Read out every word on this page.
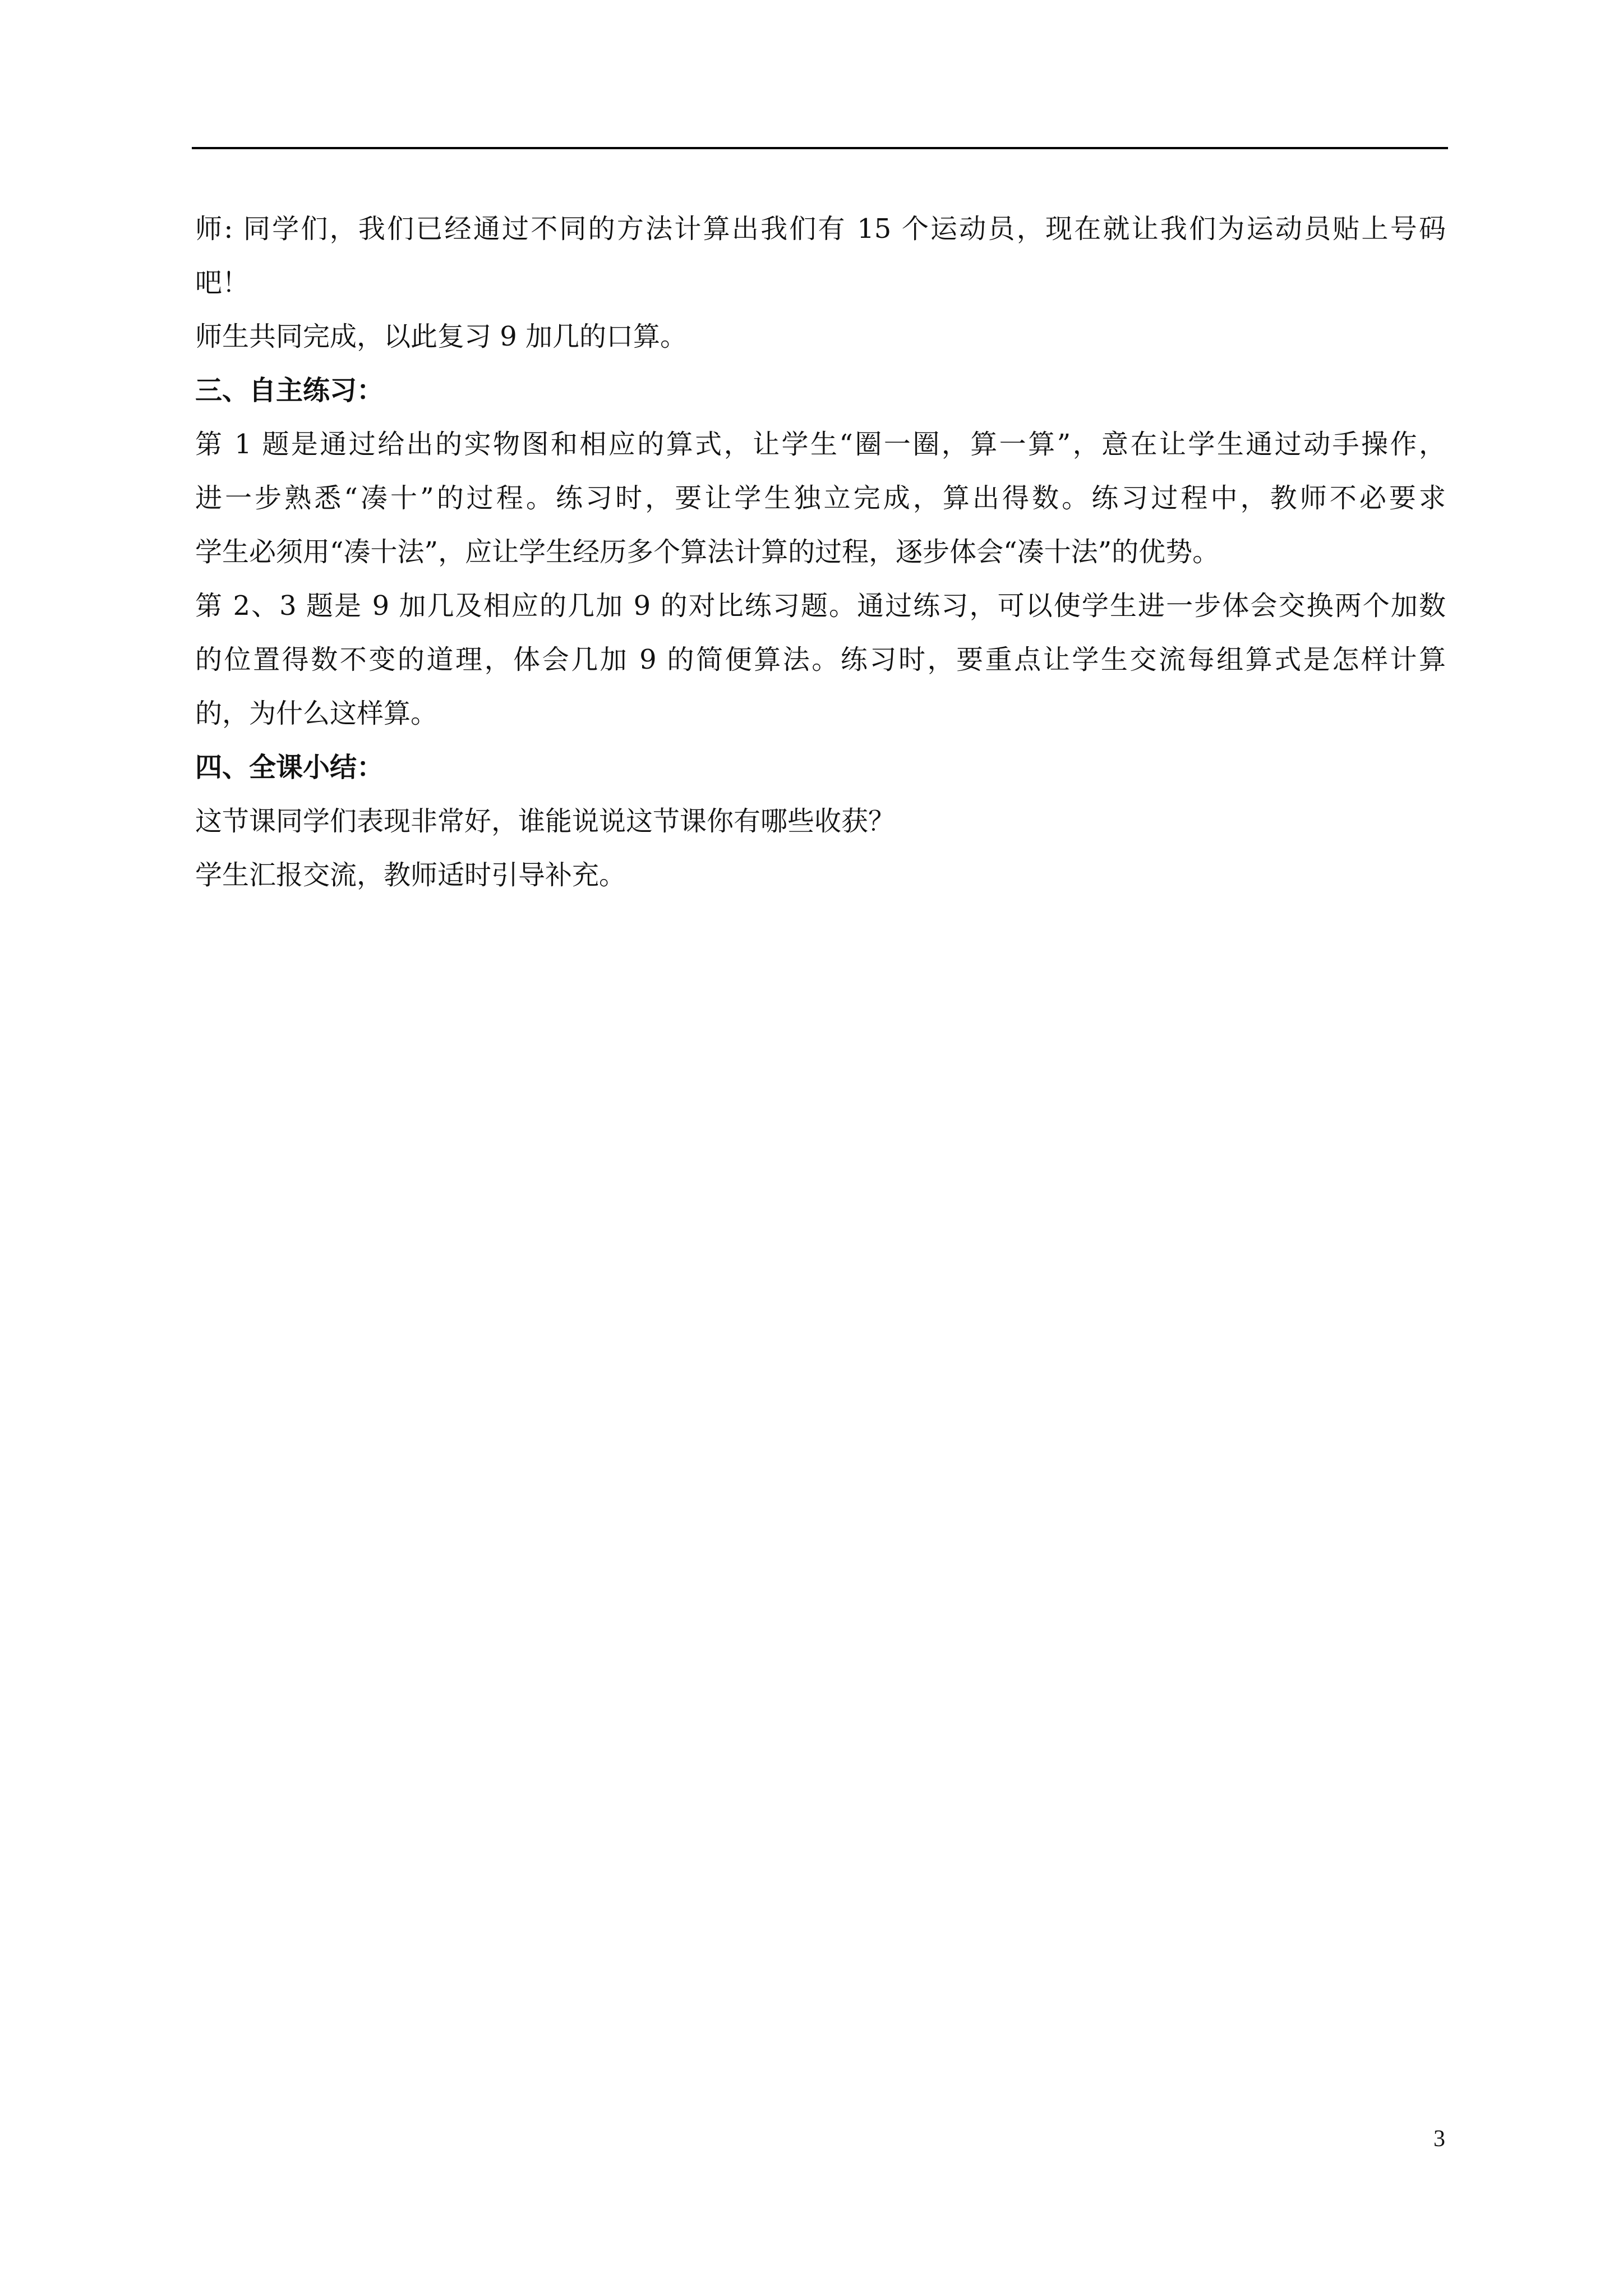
师: 同学们，我们已经通过不同的方法计算出我们有 15 个运动员，现在就让我们为运动员贴上号码

吧！

师生共同完成，以此复习 9 加几的口算。

三、自主练习：

第 1 题是通过给出的实物图和相应的算式，让学生“圈一圈，算一算”，意在让学生通过动手操作，

进一步熟悉“凑十”的过程。练习时，要让学生独立完成，算出得数。练习过程中，教师不必要求

学生必须用“凑十法”，应让学生经历多个算法计算的过程，逐步体会“凑十法”的优势。

第 2、3 题是 9 加几及相应的几加 9 的对比练习题。通过练习，可以使学生进一步体会交换两个加数

的位置得数不变的道理，体会几加 9 的简便算法。练习时，要重点让学生交流每组算式是怎样计算

的，为什么这样算。

四、全课小结：

这节课同学们表现非常好，谁能说说这节课你有哪些收获？

学生汇报交流，教师适时引导补充。

3
